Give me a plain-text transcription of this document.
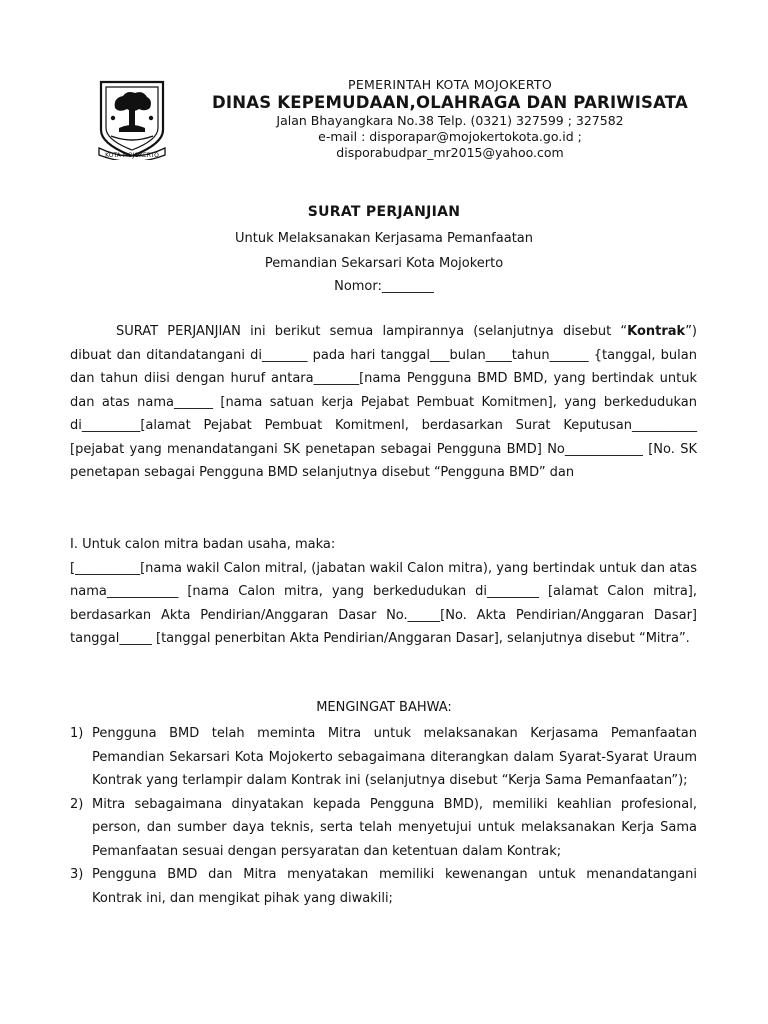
KOTA MOJOKERTO
PEMERINTAH KOTA MOJOKERTO
DINAS KEPEMUDAAN,OLAHRAGA DAN PARIWISATA
Jalan Bhayangkara No.38 Telp. (0321) 327599 ; 327582
e-mail : disporapar@mojokertokota.go.id ;
disporabudpar_mr2015@yahoo.com
SURAT PERJANJIAN
Untuk Melaksanakan Kerjasama Pemanfaatan
Pemandian Sekarsari Kota Mojokerto
Nomor:________
SURAT PERJANJIAN ini berikut semua lampirannya (selanjutnya disebut “Kontrak”) dibuat dan ditandatangani di_______ pada hari tanggal___bulan____tahun______ {tanggal, bulan dan tahun diisi dengan huruf antara_______[nama Pengguna BMD BMD, yang bertindak untuk dan atas nama______ [nama satuan kerja Pejabat Pembuat Komitmen], yang berkedudukan di_________[alamat Pejabat Pembuat Komitmenl, berdasarkan Surat Keputusan__________ [pejabat yang menandatangani SK penetapan sebagai Pengguna BMD] No____________ [No. SK penetapan sebagai Pengguna BMD selanjutnya disebut “Pengguna BMD” dan
I. Untuk calon mitra badan usaha, maka:
[__________[nama wakil Calon mitral, (jabatan wakil Calon mitra), yang bertindak untuk dan atas nama___________ [nama Calon mitra, yang berkedudukan di________ [alamat Calon mitra], berdasarkan Akta Pendirian/Anggaran Dasar No._____[No. Akta Pendirian/Anggaran Dasar] tanggal_____ [tanggal penerbitan Akta Pendirian/Anggaran Dasar], selanjutnya disebut “Mitra”.
MENGINGAT BAHWA:
1) Pengguna BMD telah meminta Mitra untuk melaksanakan Kerjasama Pemanfaatan Pemandian Sekarsari Kota Mojokerto sebagaimana diterangkan dalam Syarat-Syarat Uraum Kontrak yang terlampir dalam Kontrak ini (selanjutnya disebut “Kerja Sama Pemanfaatan”);
2) Mitra sebagaimana dinyatakan kepada Pengguna BMD), memiliki keahlian profesional, person, dan sumber daya teknis, serta telah menyetujui untuk melaksanakan Kerja Sama Pemanfaatan sesuai dengan persyaratan dan ketentuan dalam Kontrak;
3) Pengguna BMD dan Mitra menyatakan memiliki kewenangan untuk menandatangani Kontrak ini, dan mengikat pihak yang diwakili;
